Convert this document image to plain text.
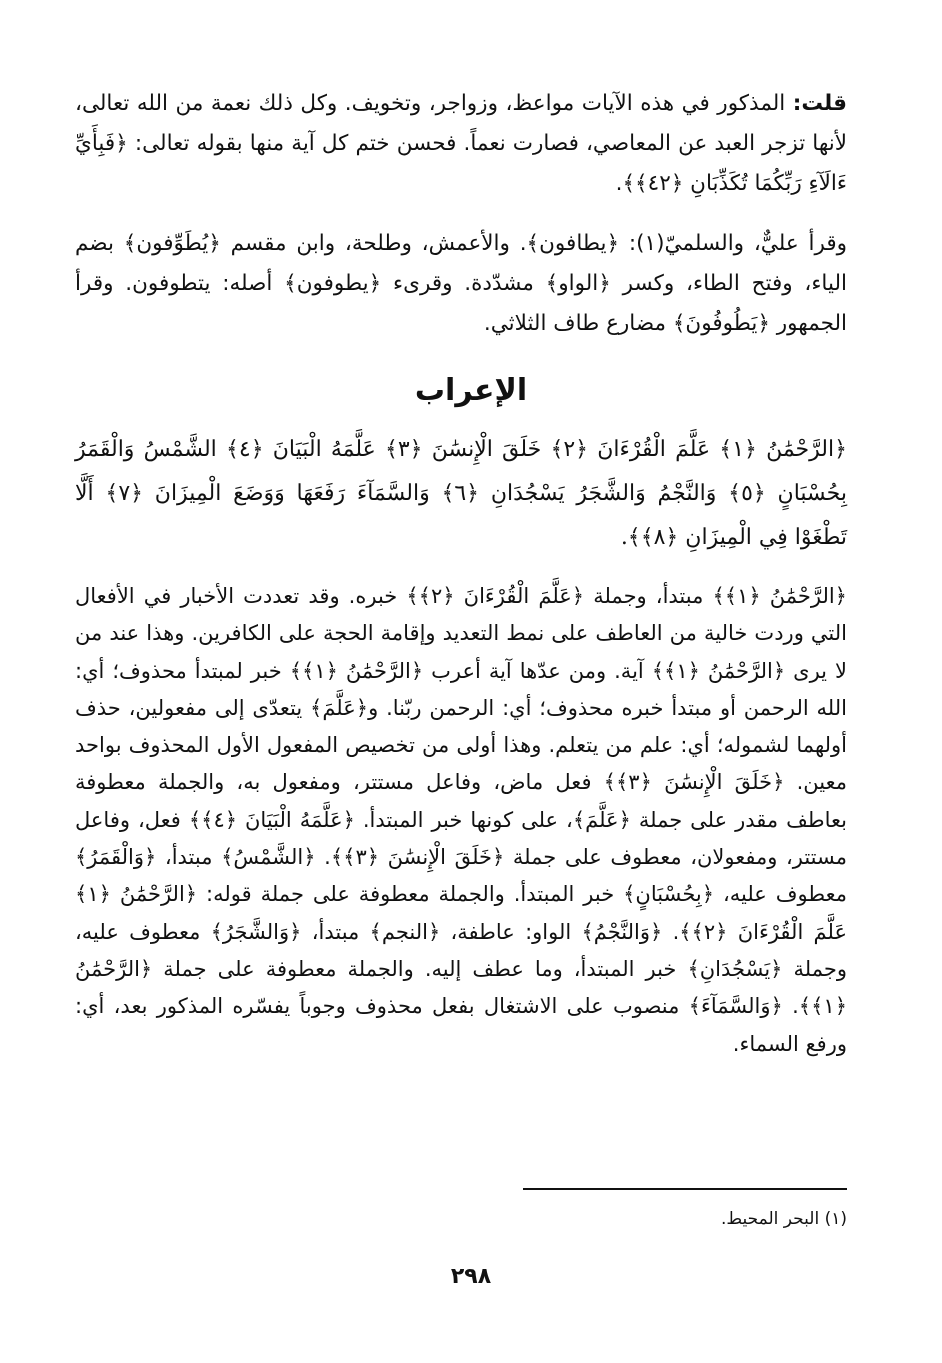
قلت: المذكور في هذه الآيات مواعظ، وزواجر، وتخويف. وكل ذلك نعمة من الله تعالى، لأنها تزجر العبد عن المعاصي، فصارت نعماً. فحسن ختم كل آية منها بقوله تعالى: ﴿فَبِأَيِّ ءَالَآءِ رَبِّكُمَا تُكَذِّبَانِ ﴿٤٢﴾﴾.

وقرأ عليٌّ، والسلميّ(١): ﴿يطافون﴾. والأعمش، وطلحة، وابن مقسم ﴿يُطَوِّفون﴾ بضم الياء، وفتح الطاء، وكسر ﴿الواو﴾ مشدّدة. وقرىء ﴿يطوفون﴾ أصله: يتطوفون. وقرأ الجمهور ﴿يَطُوفُونَ﴾ مضارع طاف الثلاثي.

الإعراب
﴿الرَّحْمَٰنُ ﴿١﴾ عَلَّمَ الْقُرْءَانَ ﴿٢﴾ خَلَقَ الْإِنسَٰنَ ﴿٣﴾ عَلَّمَهُ الْبَيَانَ ﴿٤﴾ الشَّمْسُ وَالْقَمَرُ بِحُسْبَانٍ ﴿٥﴾ وَالنَّجْمُ وَالشَّجَرُ يَسْجُدَانِ ﴿٦﴾ وَالسَّمَآءَ رَفَعَهَا وَوَضَعَ الْمِيزَانَ ﴿٧﴾ أَلَّا تَطْغَوْا فِي الْمِيزَانِ ﴿٨﴾﴾.

﴿الرَّحْمَٰنُ ﴿١﴾﴾ مبتدأ، وجملة ﴿عَلَّمَ الْقُرْءَانَ ﴿٢﴾﴾ خبره. وقد تعددت الأخبار في الأفعال التي وردت خالية من العاطف على نمط التعديد وإقامة الحجة على الكافرين. وهذا عند من لا يرى ﴿الرَّحْمَٰنُ ﴿١﴾﴾ آية. ومن عدّها آية أعرب ﴿الرَّحْمَٰنُ ﴿١﴾﴾ خبر لمبتدأ محذوف؛ أي: الله الرحمن أو مبتدأ خبره محذوف؛ أي: الرحمن ربّنا. و﴿عَلَّمَ﴾ يتعدّى إلى مفعولين، حذف أولهما لشموله؛ أي: علم من يتعلم. وهذا أولى من تخصيص المفعول الأول المحذوف بواحد معين. ﴿خَلَقَ الْإِنسَٰنَ ﴿٣﴾﴾ فعل ماض، وفاعل مستتر، ومفعول به، والجملة معطوفة بعاطف مقدر على جملة ﴿عَلَّمَ﴾، على كونها خبر المبتدأ. ﴿عَلَّمَهُ الْبَيَانَ ﴿٤﴾﴾ فعل، وفاعل مستتر، ومفعولان، معطوف على جملة ﴿خَلَقَ الْإِنسَٰنَ ﴿٣﴾﴾. ﴿الشَّمْسُ﴾ مبتدأ، ﴿وَالْقَمَرُ﴾ معطوف عليه، ﴿بِحُسْبَانٍ﴾ خبر المبتدأ. والجملة معطوفة على جملة قوله: ﴿الرَّحْمَٰنُ ﴿١﴾ عَلَّمَ الْقُرْءَانَ ﴿٢﴾﴾. ﴿وَالنَّجْمُ﴾ الواو: عاطفة، ﴿النجم﴾ مبتدأ، ﴿وَالشَّجَرُ﴾ معطوف عليه، وجملة ﴿يَسْجُدَانِ﴾ خبر المبتدأ، وما عطف إليه. والجملة معطوفة على جملة ﴿الرَّحْمَٰنُ ﴿١﴾﴾. ﴿وَالسَّمَآءَ﴾ منصوب على الاشتغال بفعل محذوف وجوباً يفسّره المذكور بعد، أي: ورفع السماء.

(١) البحر المحيط.
٢٩٨
